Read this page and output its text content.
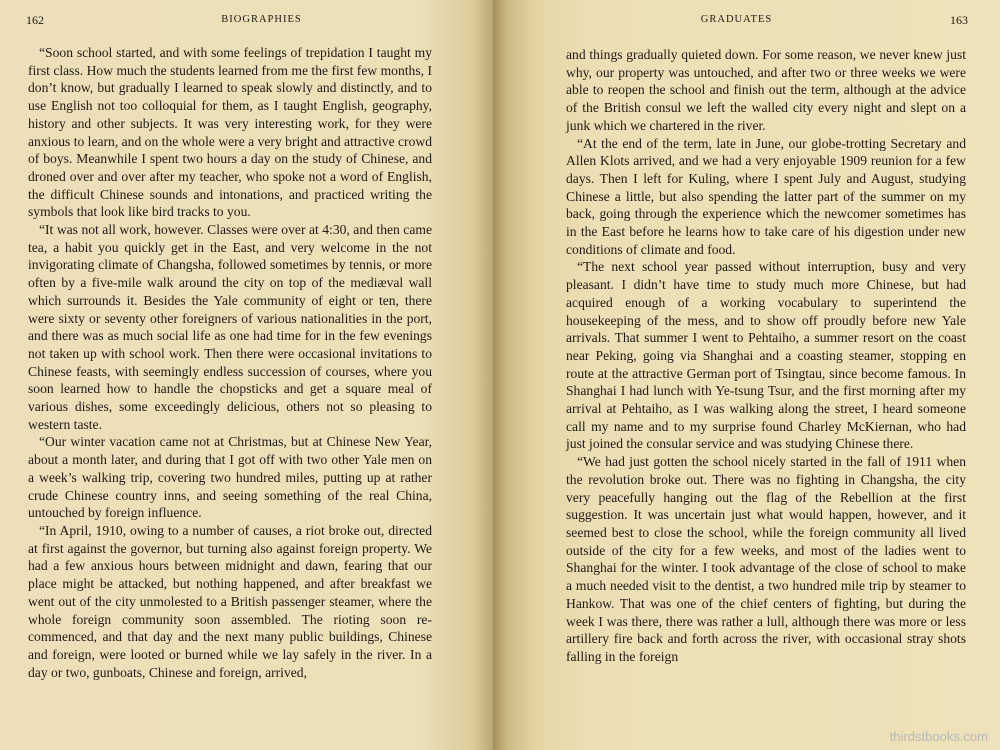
162	BIOGRAPHIES

“Soon school started, and with some feelings of trepidation I taught my first class. How much the students learned from me the first few months, I don’t know, but gradually I learned to speak slowly and distinctly, and to use English not too colloquial for them, as I taught English, geography, history and other subjects. It was very interesting work, for they were anxious to learn, and on the whole were a very bright and attractive crowd of boys. Meanwhile I spent two hours a day on the study of Chinese, and droned over and over after my teacher, who spoke not a word of English, the difficult Chinese sounds and intonations, and practiced writing the symbols that look like bird tracks to you.

“It was not all work, however. Classes were over at 4:30, and then came tea, a habit you quickly get in the East, and very welcome in the not invigorating climate of Changsha, followed sometimes by tennis, or more often by a five-mile walk around the city on top of the mediæval wall which surrounds it. Besides the Yale community of eight or ten, there were sixty or seventy other foreigners of various nationalities in the port, and there was as much social life as one had time for in the few evenings not taken up with school work. Then there were occasional invitations to Chinese feasts, with seemingly endless succession of courses, where you soon learned how to handle the chopsticks and get a square meal of various dishes, some exceedingly delicious, others not so pleasing to western taste.

“Our winter vacation came not at Christmas, but at Chinese New Year, about a month later, and during that I got off with two other Yale men on a week’s walking trip, covering two hundred miles, putting up at rather crude Chinese country inns, and seeing something of the real China, untouched by foreign influence.

“In April, 1910, owing to a number of causes, a riot broke out, directed at first against the governor, but turning also against foreign property. We had a few anxious hours between midnight and dawn, fearing that our place might be attacked, but nothing happened, and after breakfast we went out of the city unmolested to a British passenger steamer, where the whole foreign community soon assembled. The rioting soon re-commenced, and that day and the next many public buildings, Chinese and foreign, were looted or burned while we lay safely in the river. In a day or two, gunboats, Chinese and foreign, arrived,

GRADUATES	163

and things gradually quieted down. For some reason, we never knew just why, our property was untouched, and after two or three weeks we were able to reopen the school and finish out the term, although at the advice of the British consul we left the walled city every night and slept on a junk which we chartered in the river.

“At the end of the term, late in June, our globe-trotting Secretary and Allen Klots arrived, and we had a very enjoyable 1909 reunion for a few days. Then I left for Kuling, where I spent July and August, studying Chinese a little, but also spending the latter part of the summer on my back, going through the experience which the newcomer sometimes has in the East before he learns how to take care of his digestion under new conditions of climate and food.

“The next school year passed without interruption, busy and very pleasant. I didn’t have time to study much more Chinese, but had acquired enough of a working vocabulary to superintend the housekeeping of the mess, and to show off proudly before new Yale arrivals. That summer I went to Pehtaiho, a summer resort on the coast near Peking, going via Shanghai and a coasting steamer, stopping en route at the attractive German port of Tsingtau, since become famous. In Shanghai I had lunch with Ye-tsung Tsur, and the first morning after my arrival at Pehtaiho, as I was walking along the street, I heard someone call my name and to my surprise found Charley McKiernan, who had just joined the consular service and was studying Chinese there.

“We had just gotten the school nicely started in the fall of 1911 when the revolution broke out. There was no fighting in Changsha, the city very peacefully hanging out the flag of the Rebellion at the first suggestion. It was uncertain just what would happen, however, and it seemed best to close the school, while the foreign community all lived outside of the city for a few weeks, and most of the ladies went to Shanghai for the winter. I took advantage of the close of school to make a much needed visit to the dentist, a two hundred mile trip by steamer to Hankow. That was one of the chief centers of fighting, but during the week I was there, there was rather a lull, although there was more or less artillery fire back and forth across the river, with occasional stray shots falling in the foreign

thirdstbooks.com
